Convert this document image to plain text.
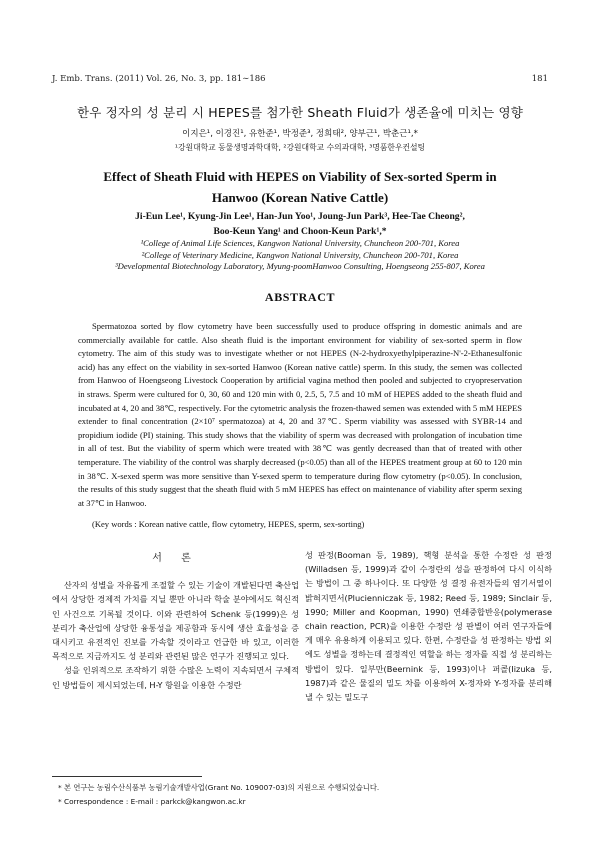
J. Emb. Trans. (2011) Vol. 26, No. 3, pp. 181∼186	181
한우 정자의 성 분리 시 HEPES를 첨가한 Sheath Fluid가 생존율에 미치는 영향
이지은¹, 이경진¹, 유한준¹, 박정준³, 정희태², 양부근¹, 박춘근¹,*
¹강원대학교 동물생명과학대학, ²강원대학교 수의과대학, ³명품한우컨설팅
Effect of Sheath Fluid with HEPES on Viability of Sex-sorted Sperm in
Hanwoo (Korean Native Cattle)
Ji-Eun Lee¹, Kyung-Jin Lee¹, Han-Jun Yoo¹, Joung-Jun Park³, Hee-Tae Cheong²,
Boo-Keun Yang¹ and Choon-Keun Park¹,*
¹College of Animal Life Sciences, Kangwon National University, Chuncheon 200-701, Korea
²College of Veterinary Medicine, Kangwon National University, Chuncheon 200-701, Korea
³Developmental Biotechnology Laboratory, Myung-poomHanwoo Consulting, Hoengseong 255-807, Korea
ABSTRACT

Spermatozoa sorted by flow cytometry have been successfully used to produce offspring in domestic animals and are commercially available for cattle. Also sheath fluid is the important environment for viability of sex-sorted sperm in flow cytometry. The aim of this study was to investigate whether or not HEPES (N-2-hydroxyethylpiperazine-N'-2-Ethanesulfonic acid) has any effect on the viability in sex-sorted Hanwoo (Korean native cattle) sperm. In this study, the semen was collected from Hanwoo of Hoengseong Livestock Cooperation by artificial vagina method then pooled and subjected to cryopreservation in straws. Sperm were cultured for 0, 30, 60 and 120 min with 0, 2.5, 5, 7.5 and 10 mM of HEPES added to the sheath fluid and incubated at 4, 20 and 38℃, respectively. For the cytometric analysis the frozen-thawed semen was extended with 5 mM HEPES extender to final concentration (2×10⁷ spermatozoa) at 4, 20 and 37℃. Sperm viability was assessed with SYBR-14 and propidium iodide (PI) staining. This study shows that the viability of sperm was decreased with prolongation of incubation time in all of test. But the viability of sperm which were treated with 38℃ was gently decreased than that of treated with other temperature. The viability of the control was sharply decreased (p<0.05) than all of the HEPES treatment group at 60 to 120 min in 38℃. X-sexed sperm was more sensitive than Y-sexed sperm to temperature during flow cytometry (p<0.05). In conclusion, the results of this study suggest that the sheath fluid with 5 mM HEPES has effect on maintenance of viability after sperm sexing at 37℃ in Hanwoo.

(Key words : Korean native cattle, flow cytometry, HEPES, sperm, sex-sorting)
서 론

산자의 성별을 자유롭게 조절할 수 있는 기술이 개발된다면 축산업에서 상당한 경제적 가치를 지닐 뿐만 아니라 학술 분야에서도 혁신적인 사건으로 기록될 것이다. 이와 관련하여 Schenk 등(1999)은 성 분리가 축산업에 상당한 융통성을 제공함과 동시에 생산 효율성을 증대시키고 유전적인 진보를 가속할 것이라고 언급한 바 있고, 이러한 목적으로 지금까지도 성 분리와 관련된 많은 연구가 진행되고 있다.

성을 인위적으로 조작하기 위한 수많은 노력이 지속되면서 구체적인 방법들이 제시되었는데, H-Y 항원을 이용한 수정란

성 판정(Booman 등, 1989), 핵형 분석을 통한 수정란 성 판정(Willadsen 등, 1999)과 같이 수정란의 성을 판정하여 다시 이식하는 방법이 그 중 하나이다. 또 다양한 성 결정 유전자들의 염기서열이 밝혀지면서(Plucienniczak 등, 1982; Reed 등, 1989; Sinclair 등, 1990; Miller and Koopman, 1990) 연쇄중합반응(polymerase chain reaction, PCR)을 이용한 수정란 성 판별이 여러 연구자들에게 매우 유용하게 이용되고 있다. 한편, 수정란을 성 판정하는 방법 외에도 성별을 정하는데 결정적인 역할을 하는 정자를 직접 성 분리하는 방법이 있다. 일부만(Beernink 등, 1993)이나 퍼콜(Iizuka 등, 1987)과 같은 물질의 밀도 차를 이용하여 X-정자와 Y-정자를 분리해낼 수 있는 밀도구

* 본 연구는 농림수산식품부 농림기술개발사업(Grant No. 109007-03)의 지원으로 수행되었습니다.
* Correspondence : E-mail : parkck@kangwon.ac.kr
